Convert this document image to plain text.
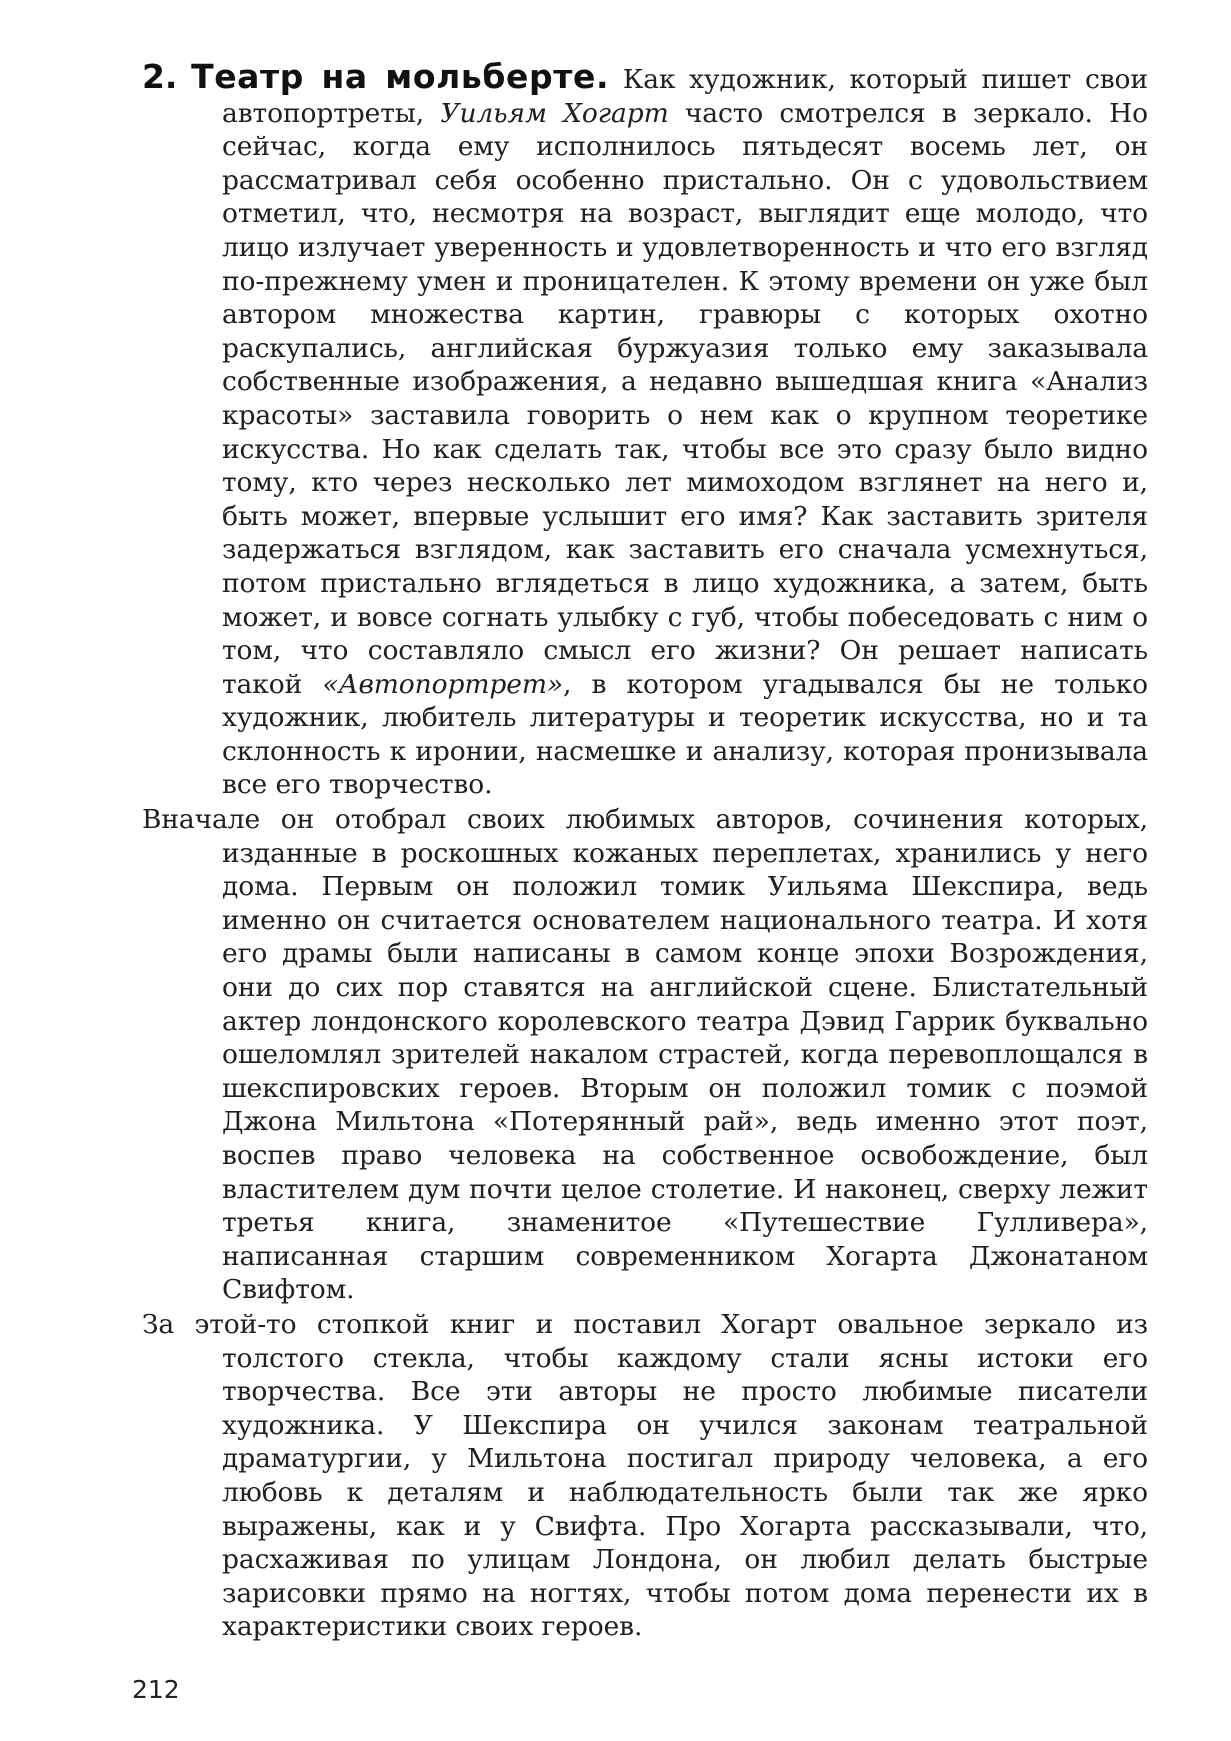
2. Театр на мольберте. Как художник, который пишет свои автопортреты, Уильям Хогарт часто смотрелся в зеркало. Но сейчас, когда ему исполнилось пятьдесят восемь лет, он рассматривал себя особенно пристально. Он с удовольствием отметил, что, несмотря на возраст, выглядит еще молодо, что лицо излучает уверенность и удовлетворенность и что его взгляд по-прежнему умен и проницателен. К этому времени он уже был автором множества картин, гравюры с которых охотно раскупались, английская буржуазия только ему заказывала собственные изображения, а недавно вышедшая книга «Анализ красоты» заставила говорить о нем как о крупном теоретике искусства. Но как сделать так, чтобы все это сразу было видно тому, кто через несколько лет мимоходом взглянет на него и, быть может, впервые услышит его имя? Как заставить зрителя задержаться взглядом, как заставить его сначала усмехнуться, потом пристально вглядеться в лицо художника, а затем, быть может, и вовсе согнать улыбку с губ, чтобы побеседовать с ним о том, что составляло смысл его жизни? Он решает написать такой «Автопортрет», в котором угадывался бы не только художник, любитель литературы и теоретик искусства, но и та склонность к иронии, насмешке и анализу, которая пронизывала все его творчество.

Вначале он отобрал своих любимых авторов, сочинения которых, изданные в роскошных кожаных переплетах, хранились у него дома. Первым он положил томик Уильяма Шекспира, ведь именно он считается основателем национального театра. И хотя его драмы были написаны в самом конце эпохи Возрождения, они до сих пор ставятся на английской сцене. Блистательный актер лондонского королевского театра Дэвид Гаррик буквально ошеломлял зрителей накалом страстей, когда перевоплощался в шекспировских героев. Вторым он положил томик с поэмой Джона Мильтона «Потерянный рай», ведь именно этот поэт, воспев право человека на собственное освобождение, был властителем дум почти целое столетие. И наконец, сверху лежит третья книга, знаменитое «Путешествие Гулливера», написанная старшим современником Хогарта Джонатаном Свифтом.

За этой-то стопкой книг и поставил Хогарт овальное зеркало из толстого стекла, чтобы каждому стали ясны истоки его творчества. Все эти авторы не просто любимые писатели художника. У Шекспира он учился законам театральной драматургии, у Мильтона постигал природу человека, а его любовь к деталям и наблюдательность были так же ярко выражены, как и у Свифта. Про Хогарта рассказывали, что, расхаживая по улицам Лондона, он любил делать быстрые зарисовки прямо на ногтях, чтобы потом дома перенести их в характеристики своих героев.

212
